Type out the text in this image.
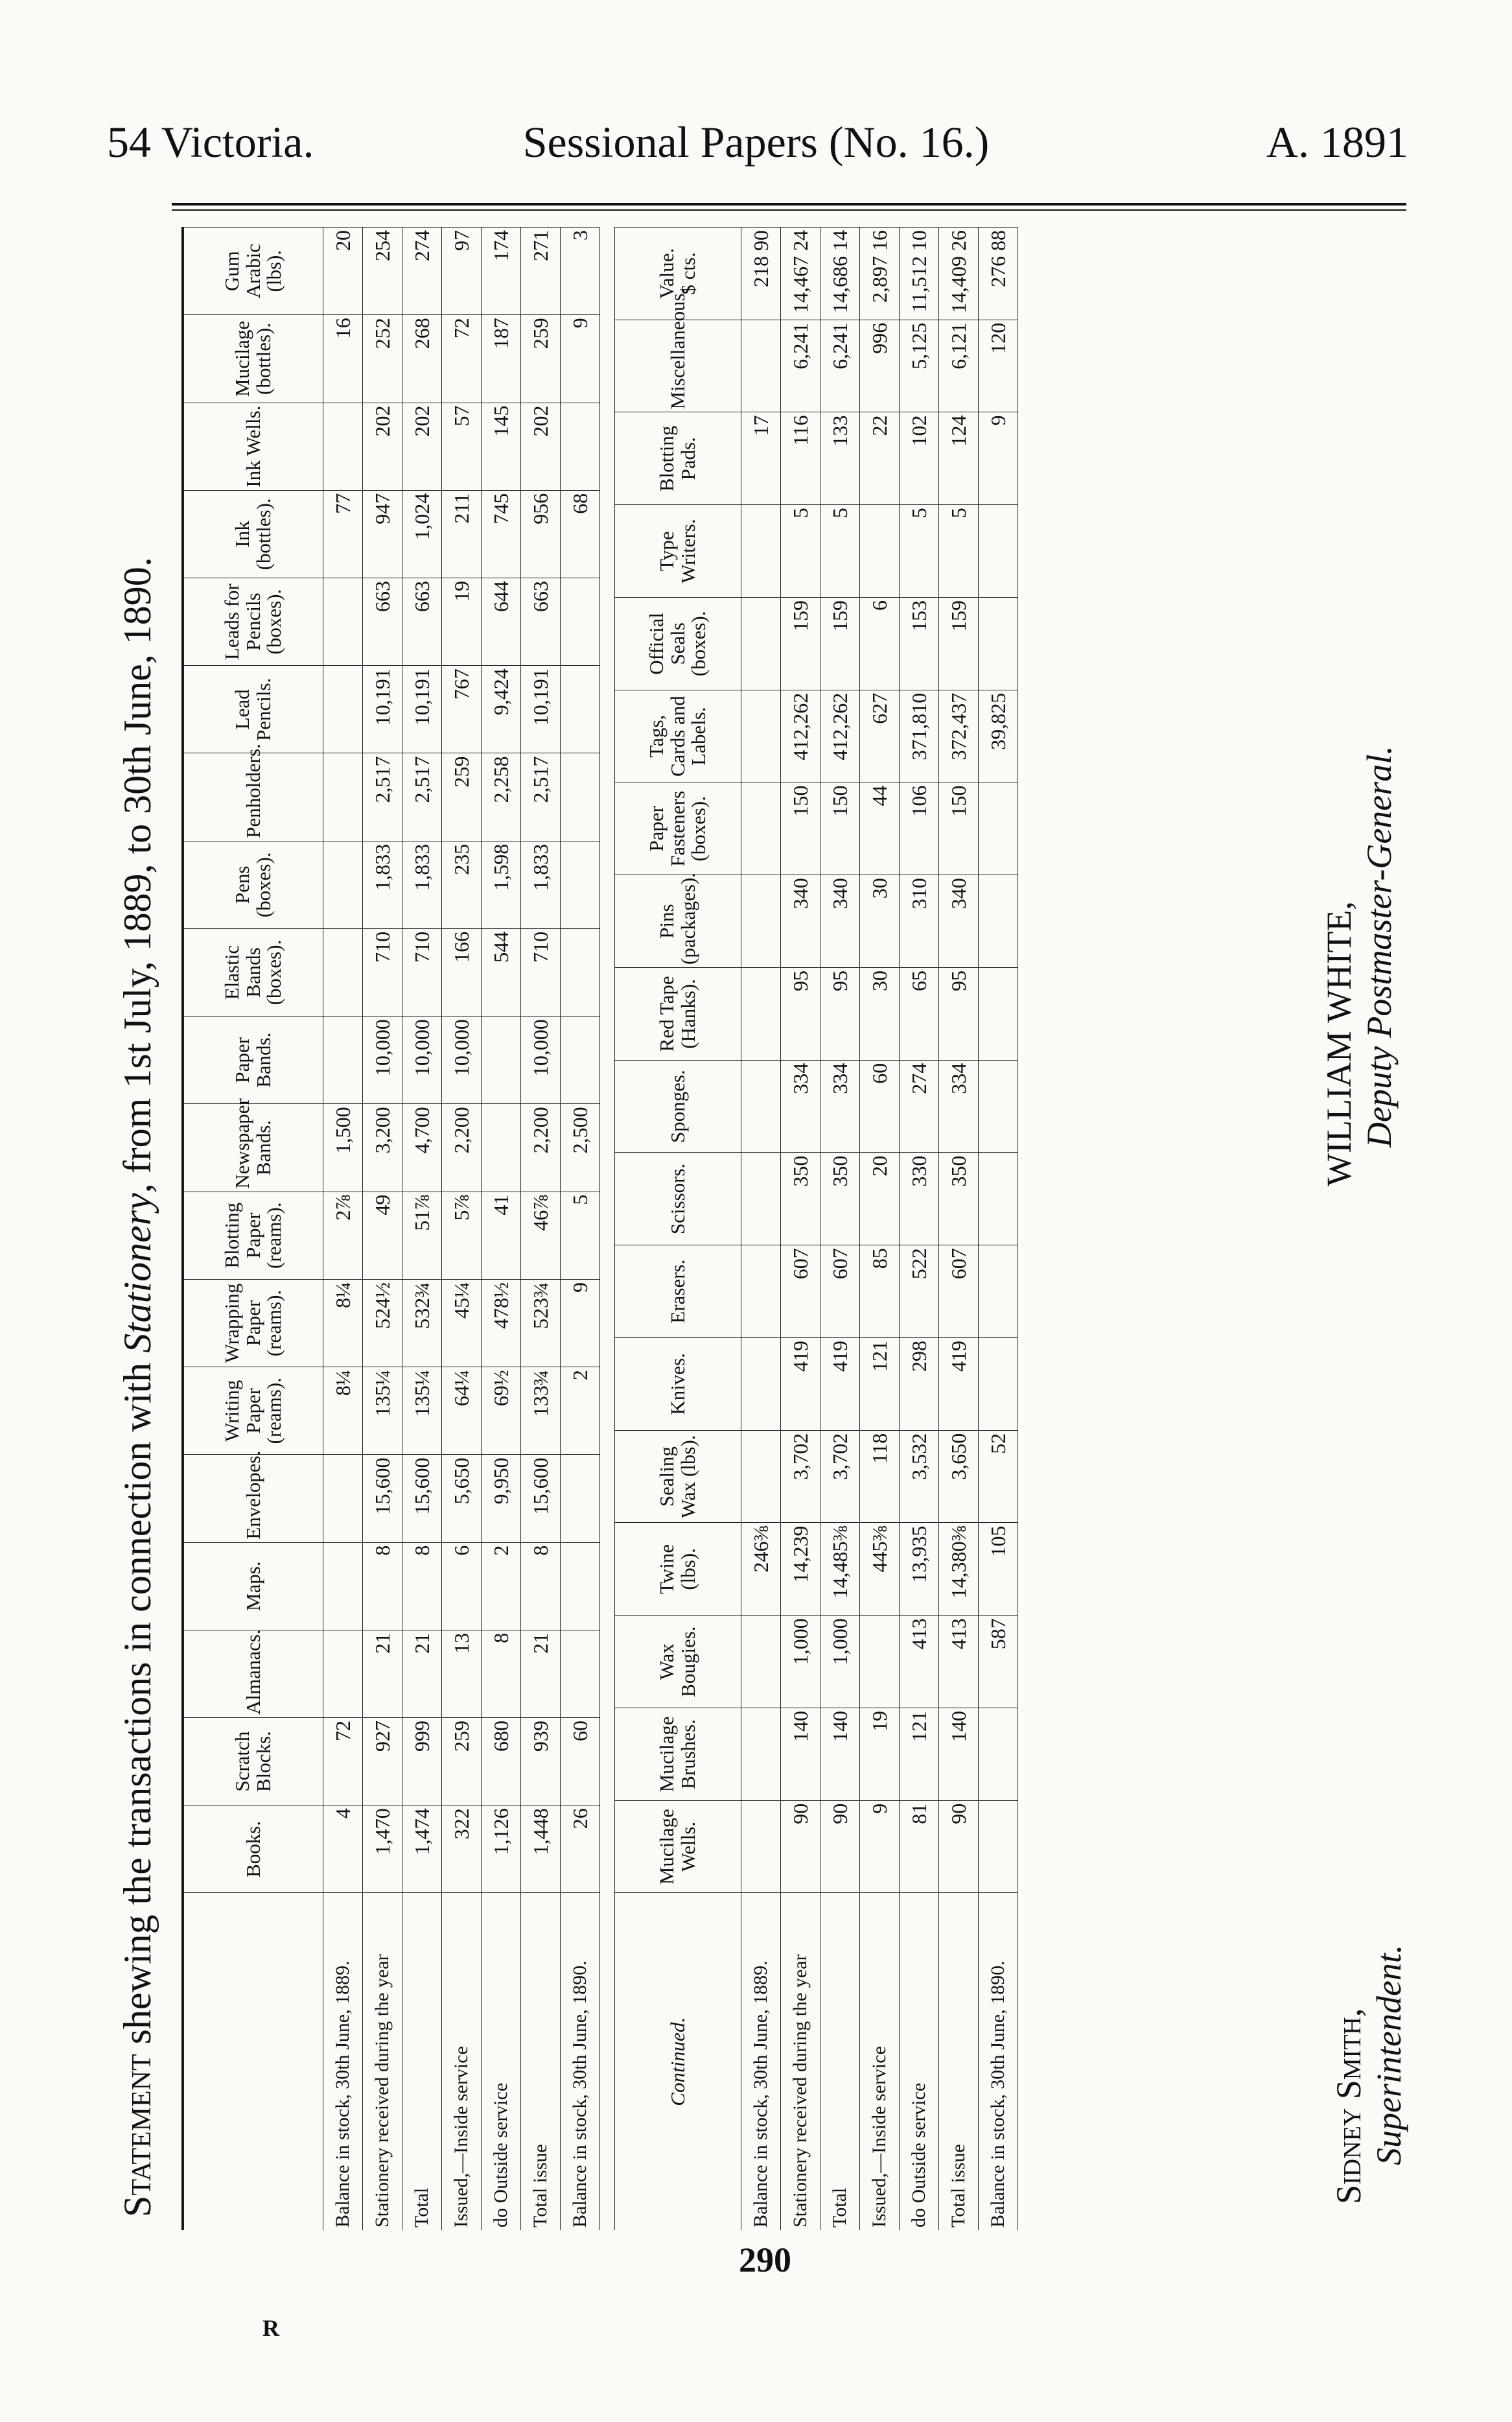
54 Victoria.	Sessional Papers (No. 16.)	A. 1891
Statement shewing the transactions in connection with Stationery, from 1st July, 1889, to 30th June, 1890.
	Books.	Scratch Blocks.	Almanacs.	Maps.	Envelopes.	Writing Paper (reams).	Wrapping Paper (reams).	Blotting Paper (reams).	Newspaper Bands.	Paper Bands.	Elastic Bands (boxes).	Pens (boxes).	Penholders.	Lead Pencils.	Leads for Pencils (boxes).	Ink (bottles).	Ink Wells.	Mucilage (bottles).	Gum Arabic (lbs).
Balance in stock, 30th June, 1889.	4	72				8¼	8¼	2⅞	1,500							77		16	20
Stationery received during the year	1,470	927	21	8	15,600	135¼	524½	49	3,200	10,000	710	1,833	2,517	10,191	663	947	202	252	254
Total	1,474	999	21	8	15,600	135¼	532¾	51⅞	4,700	10,000	710	1,833	2,517	10,191	663	1,024	202	268	274
Issued,—Inside service	322	259	13	6	5,650	64¼	45¼	5⅞	2,200	10,000	166	235	259	767	19	211	57	72	97
do Outside service	1,126	680	8	2	9,950	69½	478½	41			544	1,598	2,258	9,424	644	745	145	187	174
Total issue	1,448	939	21	8	15,600	133¾	523¾	46⅞	2,200	10,000	710	1,833	2,517	10,191	663	956	202	259	271
Balance in stock, 30th June, 1890.	26	60				2	9	5	2,500							68		9	3
Continued.	Mucilage Wells.	Mucilage Brushes.	Wax Bougies.	Twine (lbs).	Sealing Wax (lbs).	Knives.	Erasers.	Scissors.	Sponges.	Red Tape (Hanks).	Pins (packages).	Paper Fasteners (boxes).	Tags, Cards and Labels.	Official Seals (boxes).	Type Writers.	Blotting Pads.	Miscellaneous.	Value.
$ cts.

Balance in stock, 30th June, 1889.				246⅜												17		218 90
Stationery received during the year	90	140	1,000	14,239	3,702	419	607	350	334	95	340	150	412,262	159	5	116	6,241	14,467 24
Total	90	140	1,000	14,485⅜	3,702	419	607	350	334	95	340	150	412,262	159	5	133	6,241	14,686 14
Issued,—Inside service	9	19		445⅜	118	121	85	20	60	30	30	44	627	6		22	996	2,897 16
do Outside service	81	121	413	13,935	3,532	298	522	330	274	65	310	106	371,810	153	5	102	5,125	11,512 10
Total issue	90	140	413	14,380⅜	3,650	419	607	350	334	95	340	150	372,437	159	5	124	6,121	14,409 26
Balance in stock, 30th June, 1890.			587	105	52								39,825			9	120	276 88
290
R
Sidney Smith, Superintendent.
WILLIAM WHITE, Deputy Postmaster-General.
